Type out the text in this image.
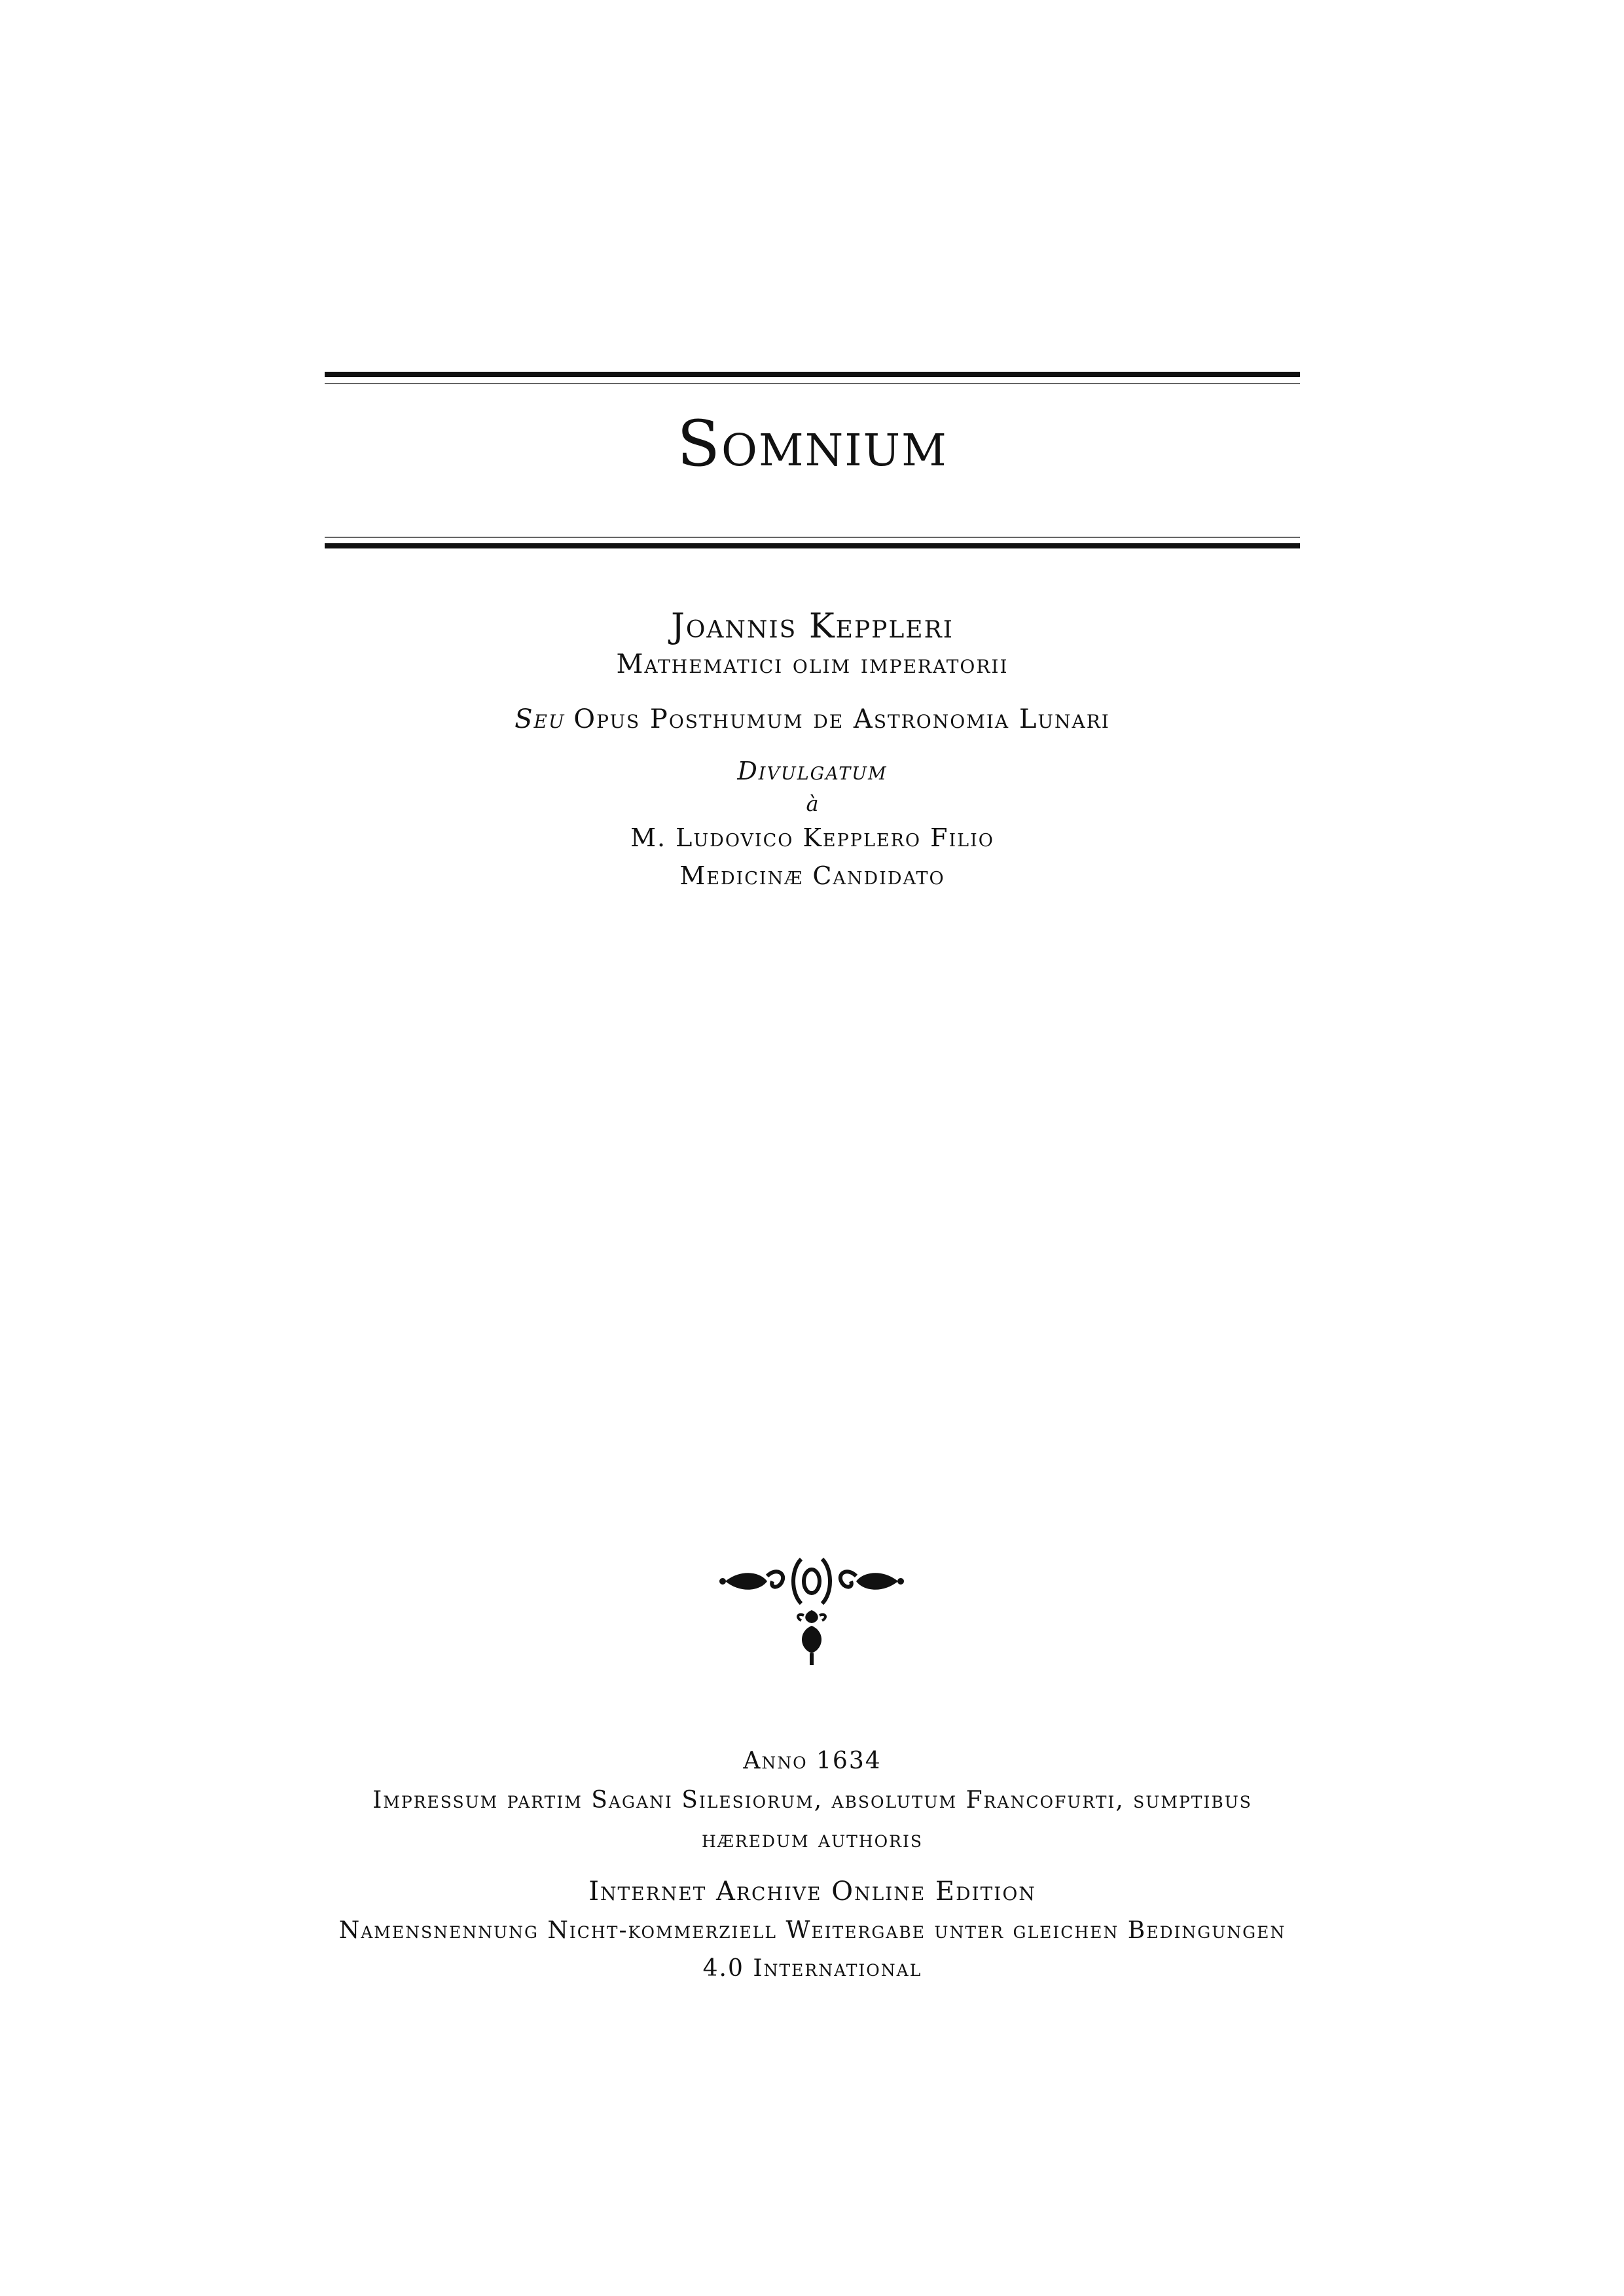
Somnium
Joannis Keppleri
Mathematici olim imperatorii
Seu Opus Posthumum de Astronomia Lunari
Divulgatum
à
M. Ludovico Kepplero Filio
Medicinæ Candidato
Anno 1634
Impressum partim Sagani Silesiorum, absolutum Francofurti, sumptibus
hæredum authoris
Internet Archive Online Edition
Namensnennung Nicht-kommerziell Weitergabe unter gleichen Bedingungen
4.0 International
